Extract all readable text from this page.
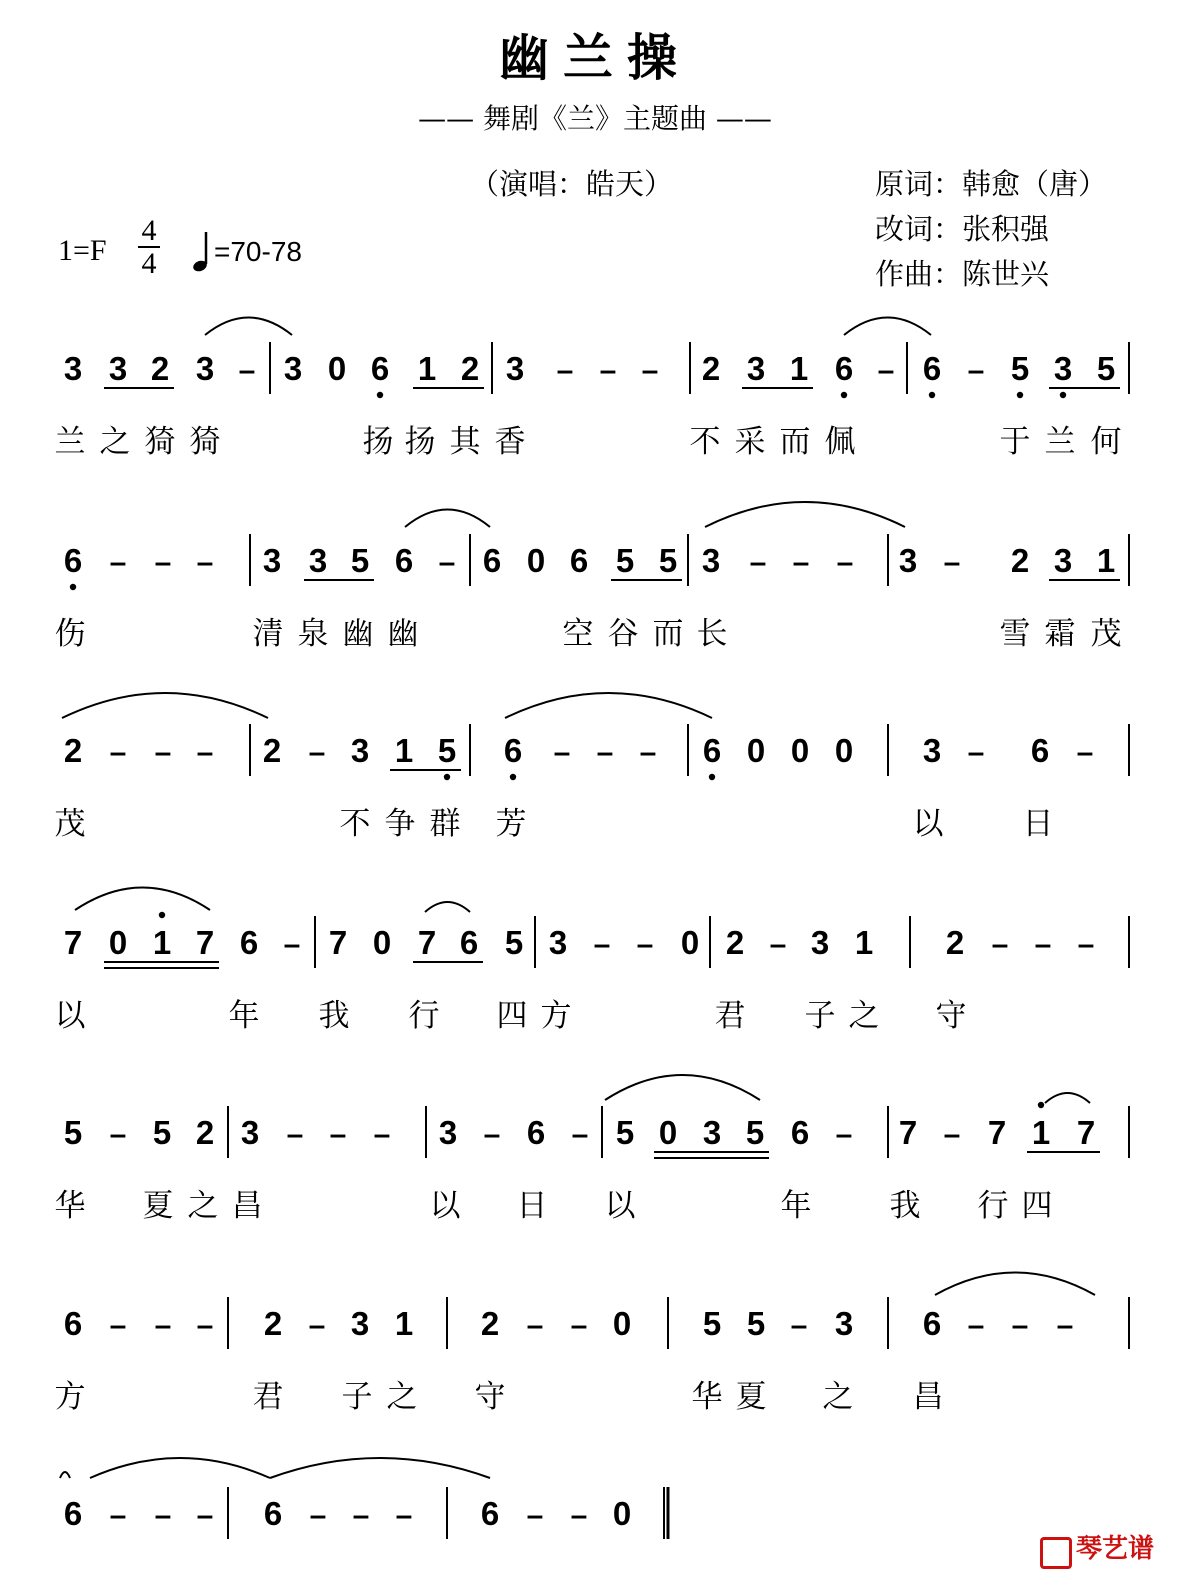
幽兰操
—— 舞剧《兰》主题曲 ——
（演唱：皓天）	原词：韩愈（唐）
改词：张积强
作曲：陈世兴
1=F
4
4 =70-78
3 3 2 3 – 3 0 6 1 2 3 – – – 2 3 1 6 – 6 – 5 3 5
兰 之 猗 猗	扬 扬 其 香	不 采 而 佩	于 兰 何
6 – – – 3 3 5 6 – 6 0 6 5 5 3 – – – 3 – 2 3 1
伤	清 泉 幽 幽	空 谷 而 长	雪 霜 茂
2 – – – 2 – 3 1 5 6 – – – 6 0 0 0 3 – 6 –
茂	不 争 群 芳	以	日
7 0 1 7 6 – 7 0 7 6 5 3 – – 0 2 – 3 1 2 – – –
以	年 我 行 四 方	君 子 之 守
5 – 5 2 3 – – – 3 – 6 – 5 0 3 5 6 – 7 – 7 1 7
华 夏 之 昌	以 日 以	年	我 行 四
6 – – – 2 – 3 1 2 – – 0 5 5 – 3 6 – – –
方	君 子 之 守	华 夏 之 昌
6 – – – 6 – – – 6 – – 0
琴艺谱
